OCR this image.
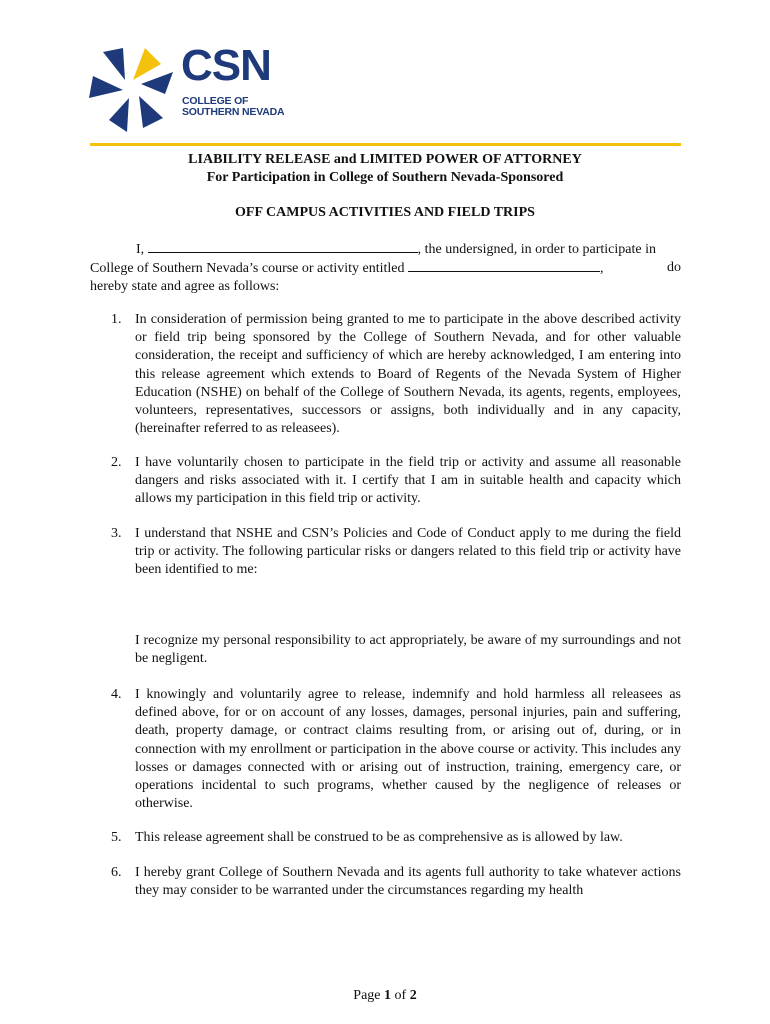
CSN
COLLEGE OF
SOUTHERN NEVADA
LIABILITY RELEASE and LIMITED POWER OF ATTORNEY
For Participation in College of Southern Nevada-Sponsored
OFF CAMPUS ACTIVITIES AND FIELD TRIPS
I,	, the undersigned, in order to participate in
College of Southern Nevada’s course or activity entitled	,	do
hereby state and agree as follows:
1. In consideration of permission being granted to me to participate in the above described activity or field trip being sponsored by the College of Southern Nevada, and for other valuable consideration, the receipt and sufficiency of which are hereby acknowledged, I am entering into this release agreement which extends to Board of Regents of the Nevada System of Higher Education (NSHE) on behalf of the College of Southern Nevada, its agents, regents, employees, volunteers, representatives, successors or assigns, both individually and in any capacity, (hereinafter referred to as releasees).
2. I have voluntarily chosen to participate in the field trip or activity and assume all reasonable dangers and risks associated with it. I certify that I am in suitable health and capacity which allows my participation in this field trip or activity.
3. I understand that NSHE and CSN’s Policies and Code of Conduct apply to me during the field trip or activity. The following particular risks or dangers related to this field trip or activity have been identified to me:
I recognize my personal responsibility to act appropriately, be aware of my surroundings and not be negligent.
4. I knowingly and voluntarily agree to release, indemnify and hold harmless all releasees as defined above, for or on account of any losses, damages, personal injuries, pain and suffering, death, property damage, or contract claims resulting from, or arising out of, during, or in connection with my enrollment or participation in the above course or activity. This includes any losses or damages connected with or arising out of instruction, training, emergency care, or operations incidental to such programs, whether caused by the negligence of releases or otherwise.
5. This release agreement shall be construed to be as comprehensive as is allowed by law.
6. I hereby grant College of Southern Nevada and its agents full authority to take whatever actions they may consider to be warranted under the circumstances regarding my health
Page 1 of 2
